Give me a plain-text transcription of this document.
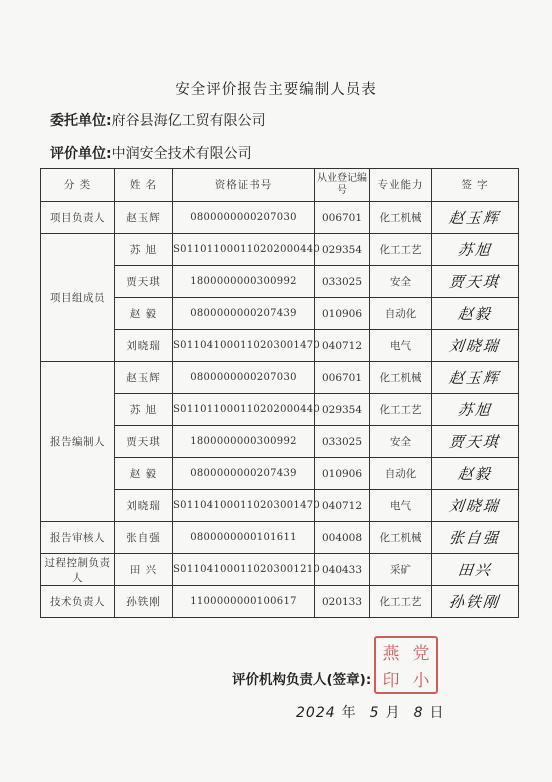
安全评价报告主要编制人员表
委托单位:府谷县海亿工贸有限公司
评价单位:中润安全技术有限公司
分 类	姓 名	资格证书号	从业登记编号	专业能力	签 字
项目负责人	赵玉辉	0800000000207030	006701	化工机械	赵玉辉
项目组成员	苏 旭	S011011000110202000440	029354	化工工艺	苏旭
	贾天琪	1800000000300992	033025	安全	贾天琪
	赵 毅	0800000000207439	010906	自动化	赵毅
	刘晓瑞	S011041000110203001470	040712	电气	刘晓瑞
报告编制人	赵玉辉	0800000000207030	006701	化工机械	赵玉辉
	苏 旭	S011011000110202000440	029354	化工工艺	苏旭
	贾天琪	1800000000300992	033025	安全	贾天琪
	赵 毅	0800000000207439	010906	自动化	赵毅
	刘晓瑞	S011041000110203001470	040712	电气	刘晓瑞
报告审核人	张自强	0800000000101611	004008	化工机械	张自强
过程控制负责人	田 兴	S011041000110203001210	040433	采矿	田兴
技术负责人	孙铁刚	1100000000100617	020133	化工工艺	孙铁刚
评价机构负责人(签章):
燕 党
印 小
2024 年 5 月 8 日
